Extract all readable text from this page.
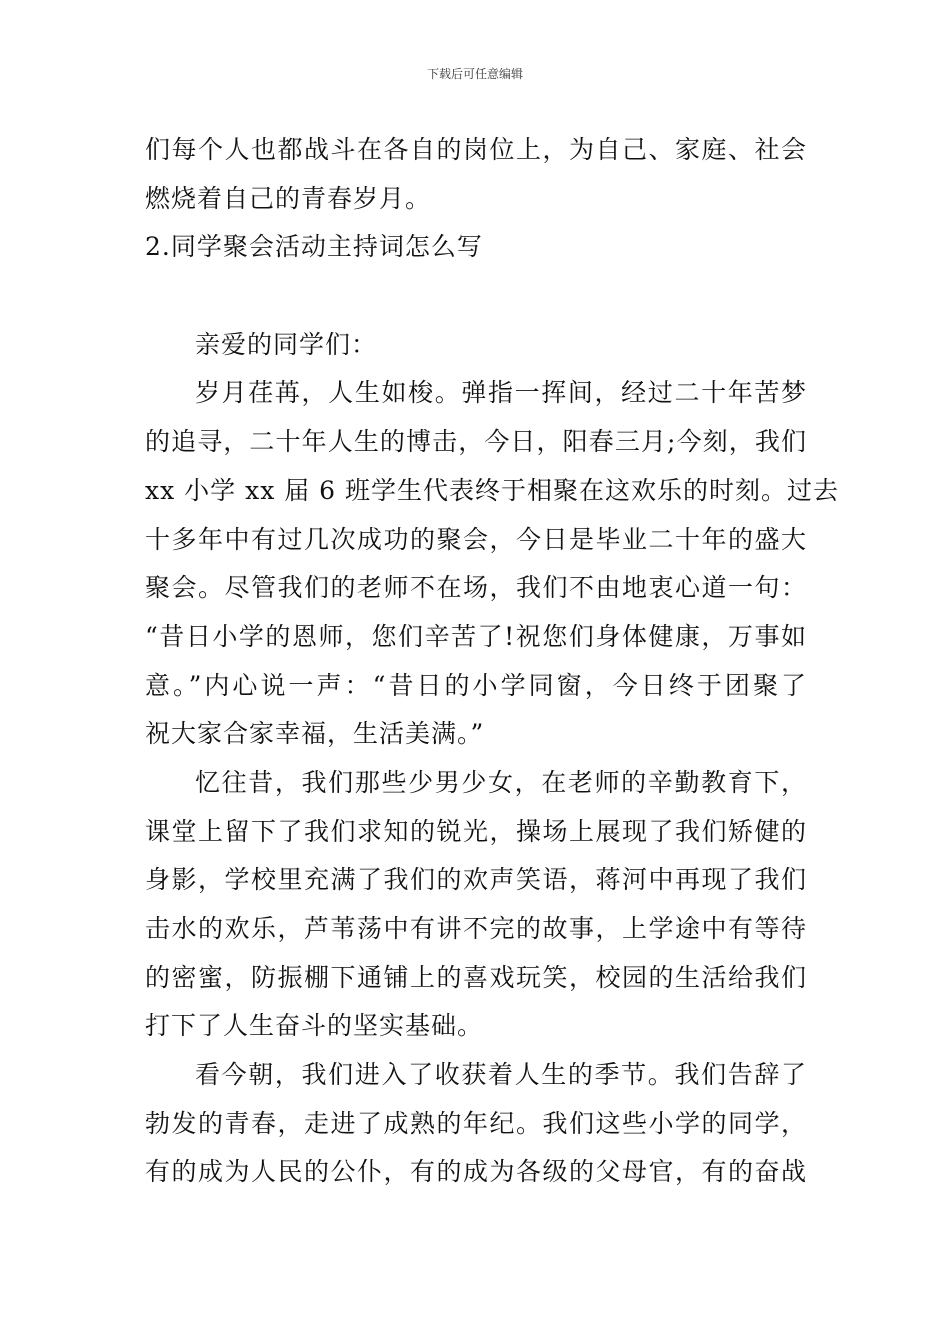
下载后可任意编辑
们每个人也都战斗在各自的岗位上，为自己、家庭、社会
燃烧着自己的青春岁月。
2.同学聚会活动主持词怎么写
亲爱的同学们：
岁月荏苒，人生如梭。弹指一挥间，经过二十年苦梦
的追寻，二十年人生的博击，今日，阳春三月;今刻，我们
xx 小学 xx 届 6 班学生代表终于相聚在这欢乐的时刻。过去
十多年中有过几次成功的聚会，今日是毕业二十年的盛大
聚会。尽管我们的老师不在场，我们不由地衷心道一句：
“昔日小学的恩师，您们辛苦了!祝您们身体健康，万事如
意。”内心说一声：“昔日的小学同窗，今日终于团聚了
祝大家合家幸福，生活美满。”
忆往昔，我们那些少男少女，在老师的辛勤教育下，
课堂上留下了我们求知的锐光，操场上展现了我们矫健的
身影，学校里充满了我们的欢声笑语，蒋河中再现了我们
击水的欢乐，芦苇荡中有讲不完的故事，上学途中有等待
的密蜜，防振棚下通铺上的喜戏玩笑，校园的生活给我们
打下了人生奋斗的坚实基础。
看今朝，我们进入了收获着人生的季节。我们告辞了
勃发的青春，走进了成熟的年纪。我们这些小学的同学，
有的成为人民的公仆，有的成为各级的父母官，有的奋战
